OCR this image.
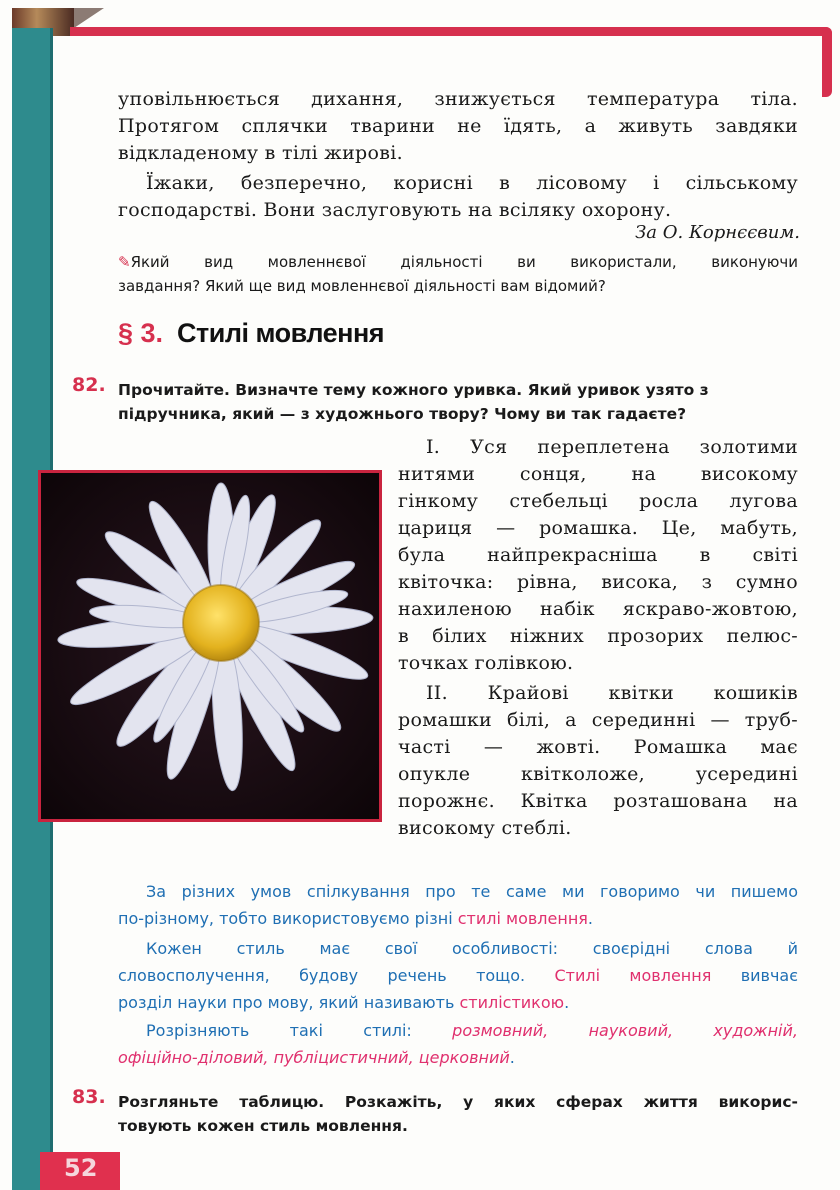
уповільнюється дихання, знижується температура тіла.

Протягом сплячки тварини не їдять, а живуть завдяки

відкладеному в тілі жирові.

Їжаки, безперечно, корисні в лісовому і сільському

господарстві. Вони заслуговують на всіляку охорону.

За О. Корнєєвим.
✎Який вид мовленнєвої діяльності ви використали, виконуючи
завдання? Який ще вид мовленнєвої діяльності вам відомий?
§ 3. Стилі мовлення
82. Прочитайте. Визначте тему кожного уривка. Який уривок узято з
підручника, який — з художнього твору? Чому ви так гадаєте?

I. Уся переплетена золотими

нитями сонця, на високому

гінкому стебельці росла лугова

цариця — ромашка. Це, мабуть,

була найпрекрасніша в світі

квіточка: рівна, висока, з сумно

нахиленою набік яскраво-жовтою,

в білих ніжних прозорих пелюс-

точках голівкою.

II. Крайові квітки кошиків

ромашки білі, а серединні — труб-

часті — жовті. Ромашка має

опукле квітколоже, усередині

порожнє. Квітка розташована на

високому стеблі.

За різних умов спілкування про те саме ми говоримо чи пишемо
по-різному, тобто використовуємо різні стилі мовлення.
Кожен стиль має свої особливості: своєрідні слова й
словосполучення, будову речень тощо. Стилі мовлення вивчає
розділ науки про мову, який називають стилістикою.
Розрізняють такі стилі: розмовний, науковий, художній,
офіційно-діловий, публіцистичний, церковний.
83. Розгляньте таблицю. Розкажіть, у яких сферах життя викорис-
товують кожен стиль мовлення.
52
